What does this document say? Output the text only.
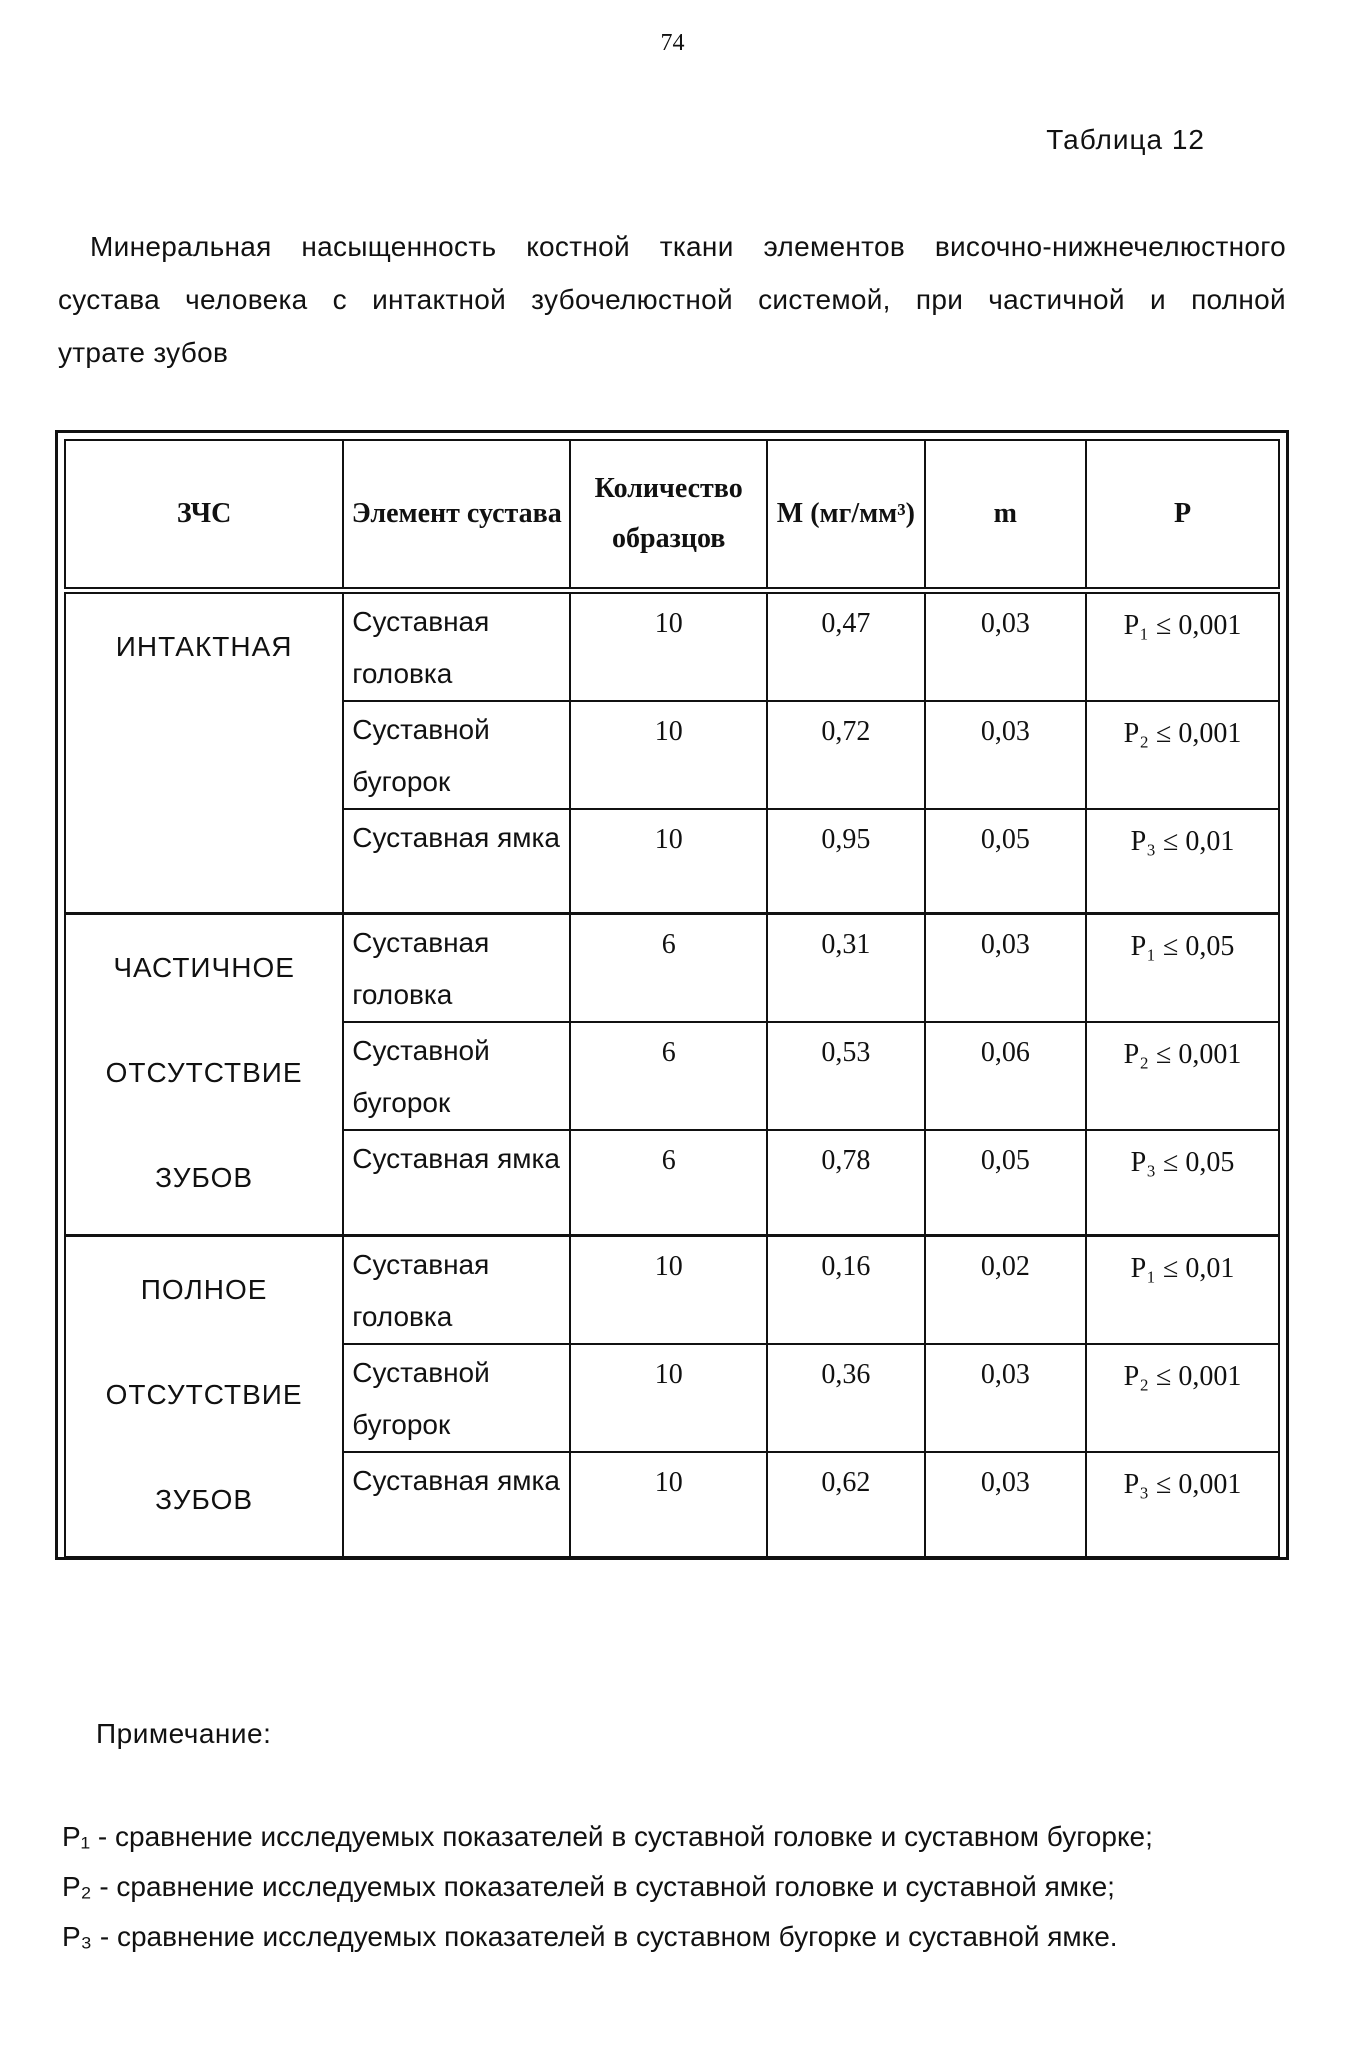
74
Таблица 12
Минеральная насыщенность костной ткани элементов височно-нижнечелюстного
сустава человека с интактной зубочелюстной системой, при частичной и полной
утрате зубов
ЗЧС	Элемент сустава	Количество образцов	M (мг/мм³)	m	P
ИНТАКТНАЯ	Суставная головка	10	0,47	0,03	P₁ ≤ 0,001
	Суставной бугорок	10	0,72	0,03	P₂ ≤ 0,001
	Суставная ямка	10	0,95	0,05	P₃ ≤ 0,01
ЧАСТИЧНОЕ ОТСУТСТВИЕ ЗУБОВ	Суставная головка	6	0,31	0,03	P₁ ≤ 0,05
	Суставной бугорок	6	0,53	0,06	P₂ ≤ 0,001
	Суставная ямка	6	0,78	0,05	P₃ ≤ 0,05
ПОЛНОЕ ОТСУТСТВИЕ ЗУБОВ	Суставная головка	10	0,16	0,02	P₁ ≤ 0,01
	Суставной бугорок	10	0,36	0,03	P₂ ≤ 0,001
	Суставная ямка	10	0,62	0,03	P₃ ≤ 0,001
Примечание:
P₁ - сравнение исследуемых показателей в суставной головке и суставном бугорке;
P₂ - сравнение исследуемых показателей в суставной головке и суставной ямке;
P₃ - сравнение исследуемых показателей в суставном бугорке и суставной ямке.
